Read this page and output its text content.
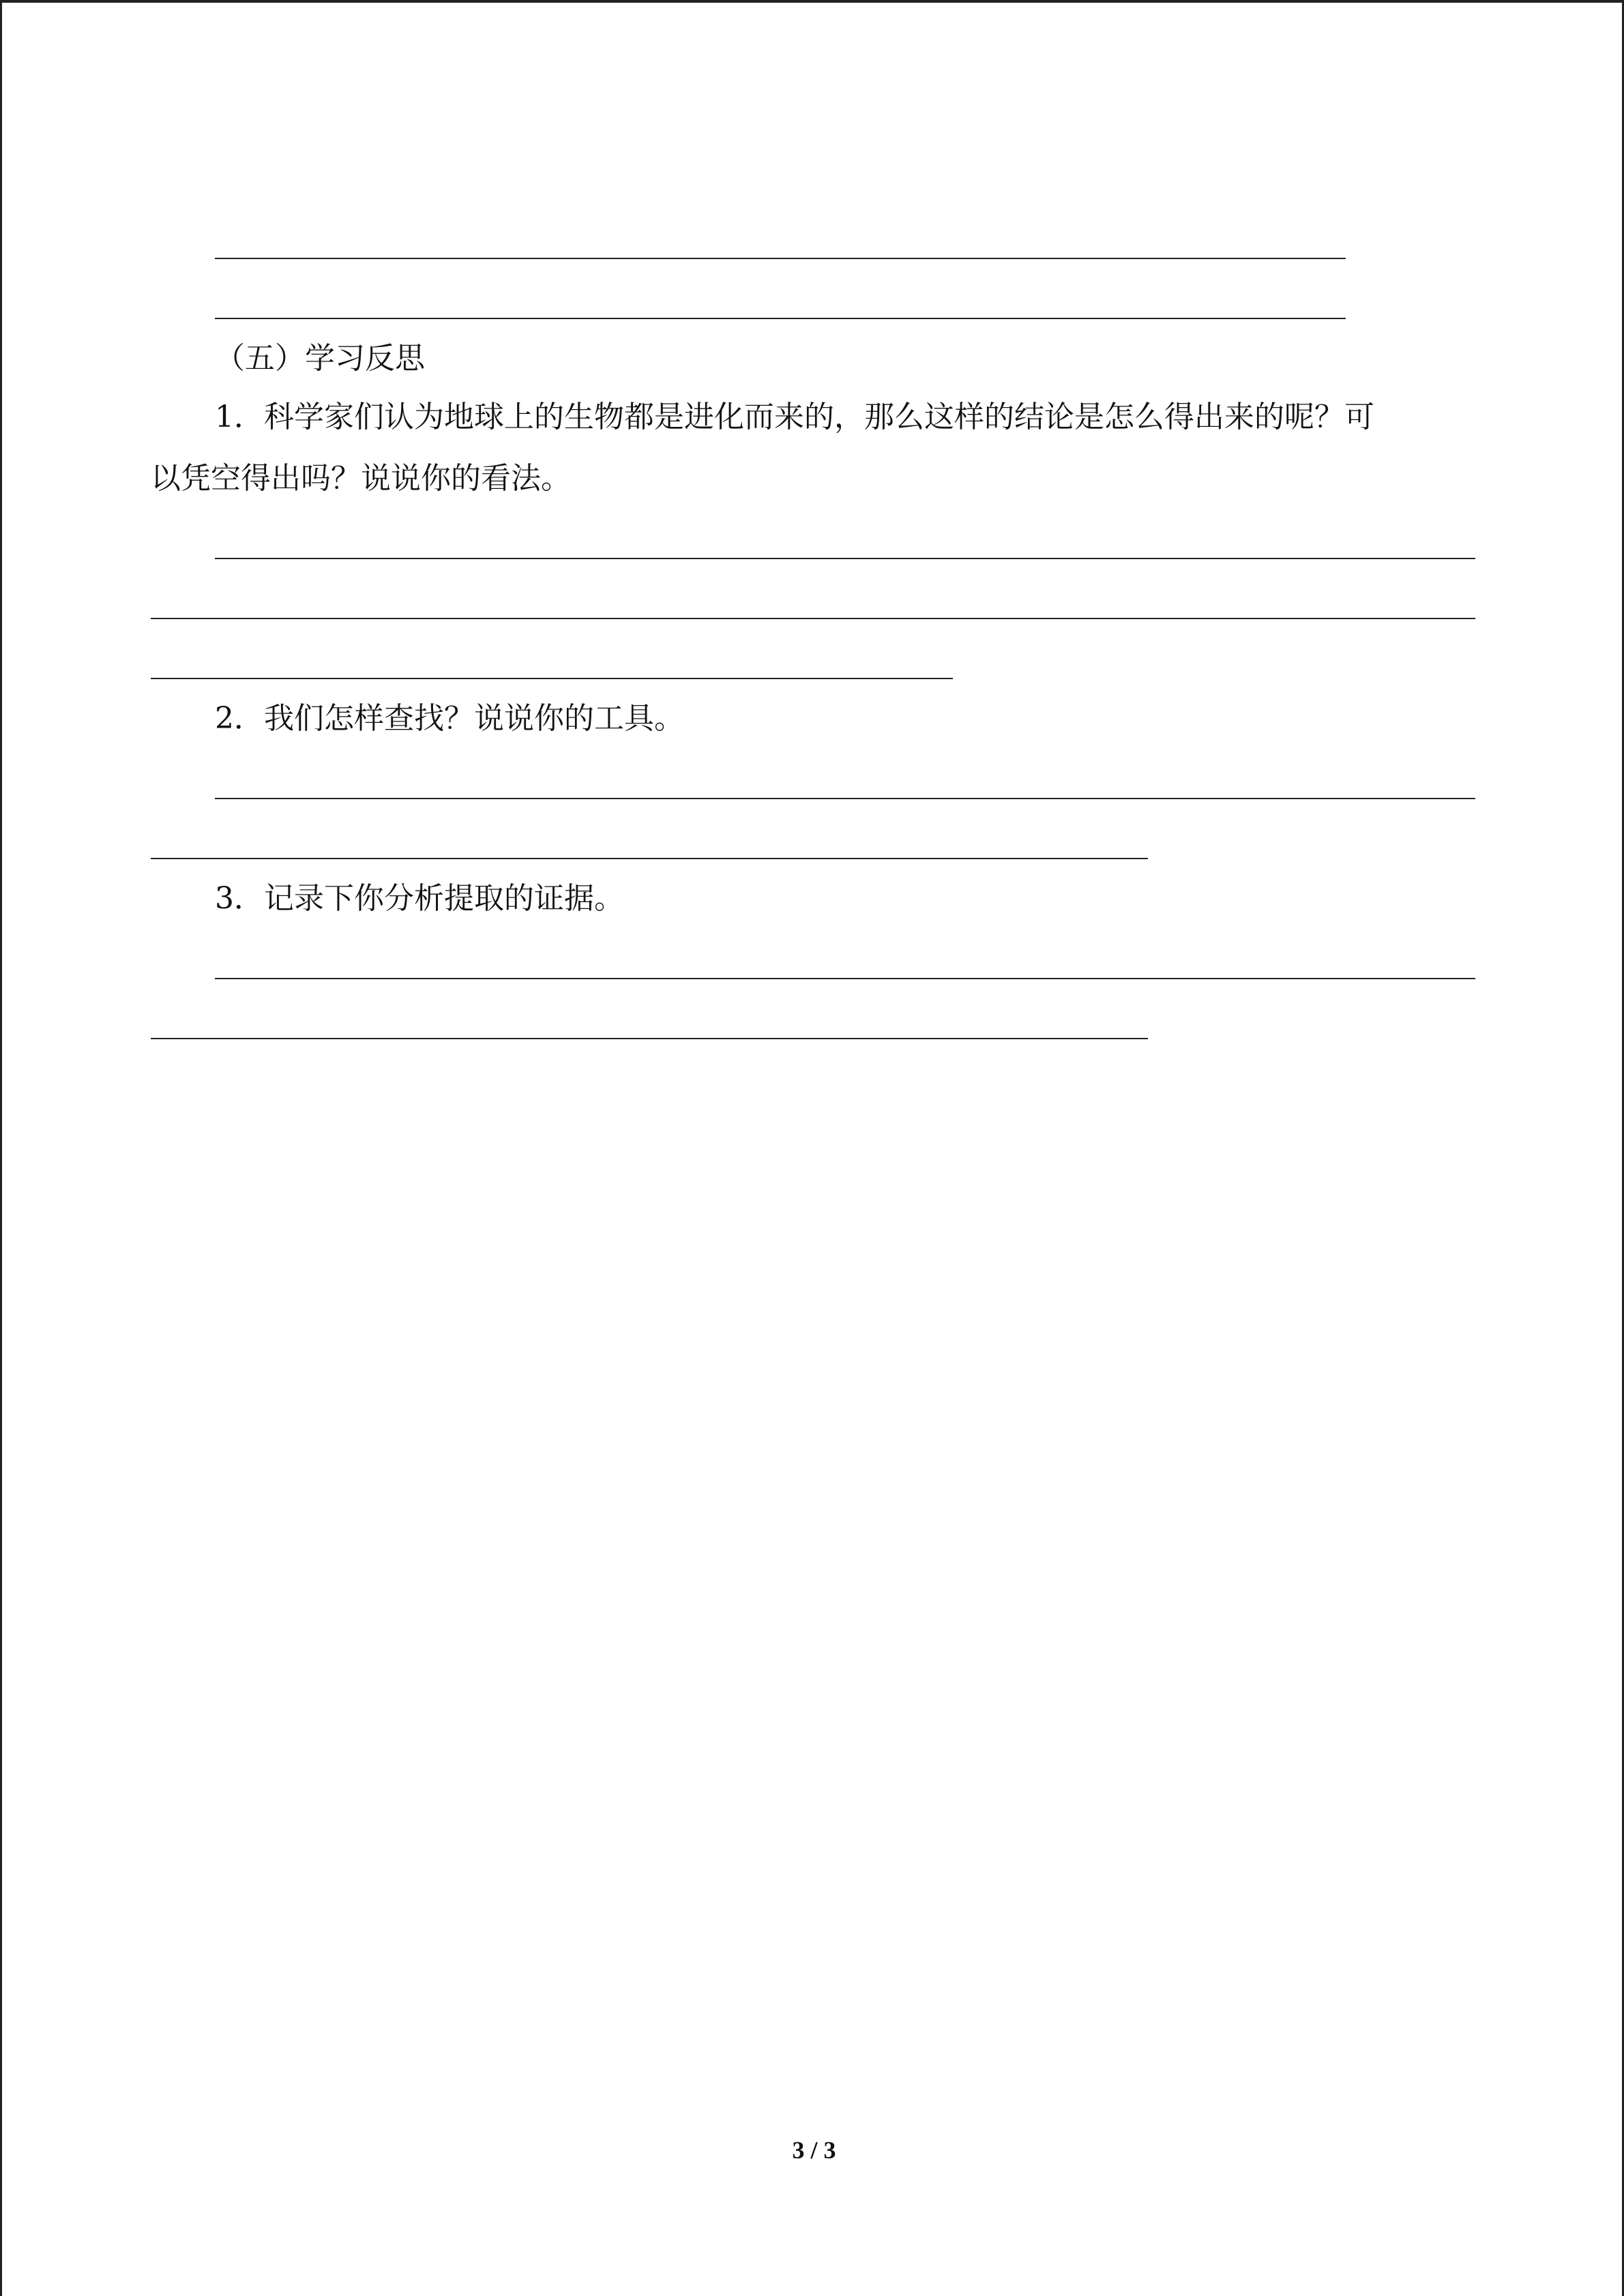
（五）学习反思
1．科学家们认为地球上的生物都是进化而来的，那么这样的结论是怎么得出来的呢？可
以凭空得出吗？说说你的看法。
2．我们怎样查找？说说你的工具。
3．记录下你分析提取的证据。
3 / 3
